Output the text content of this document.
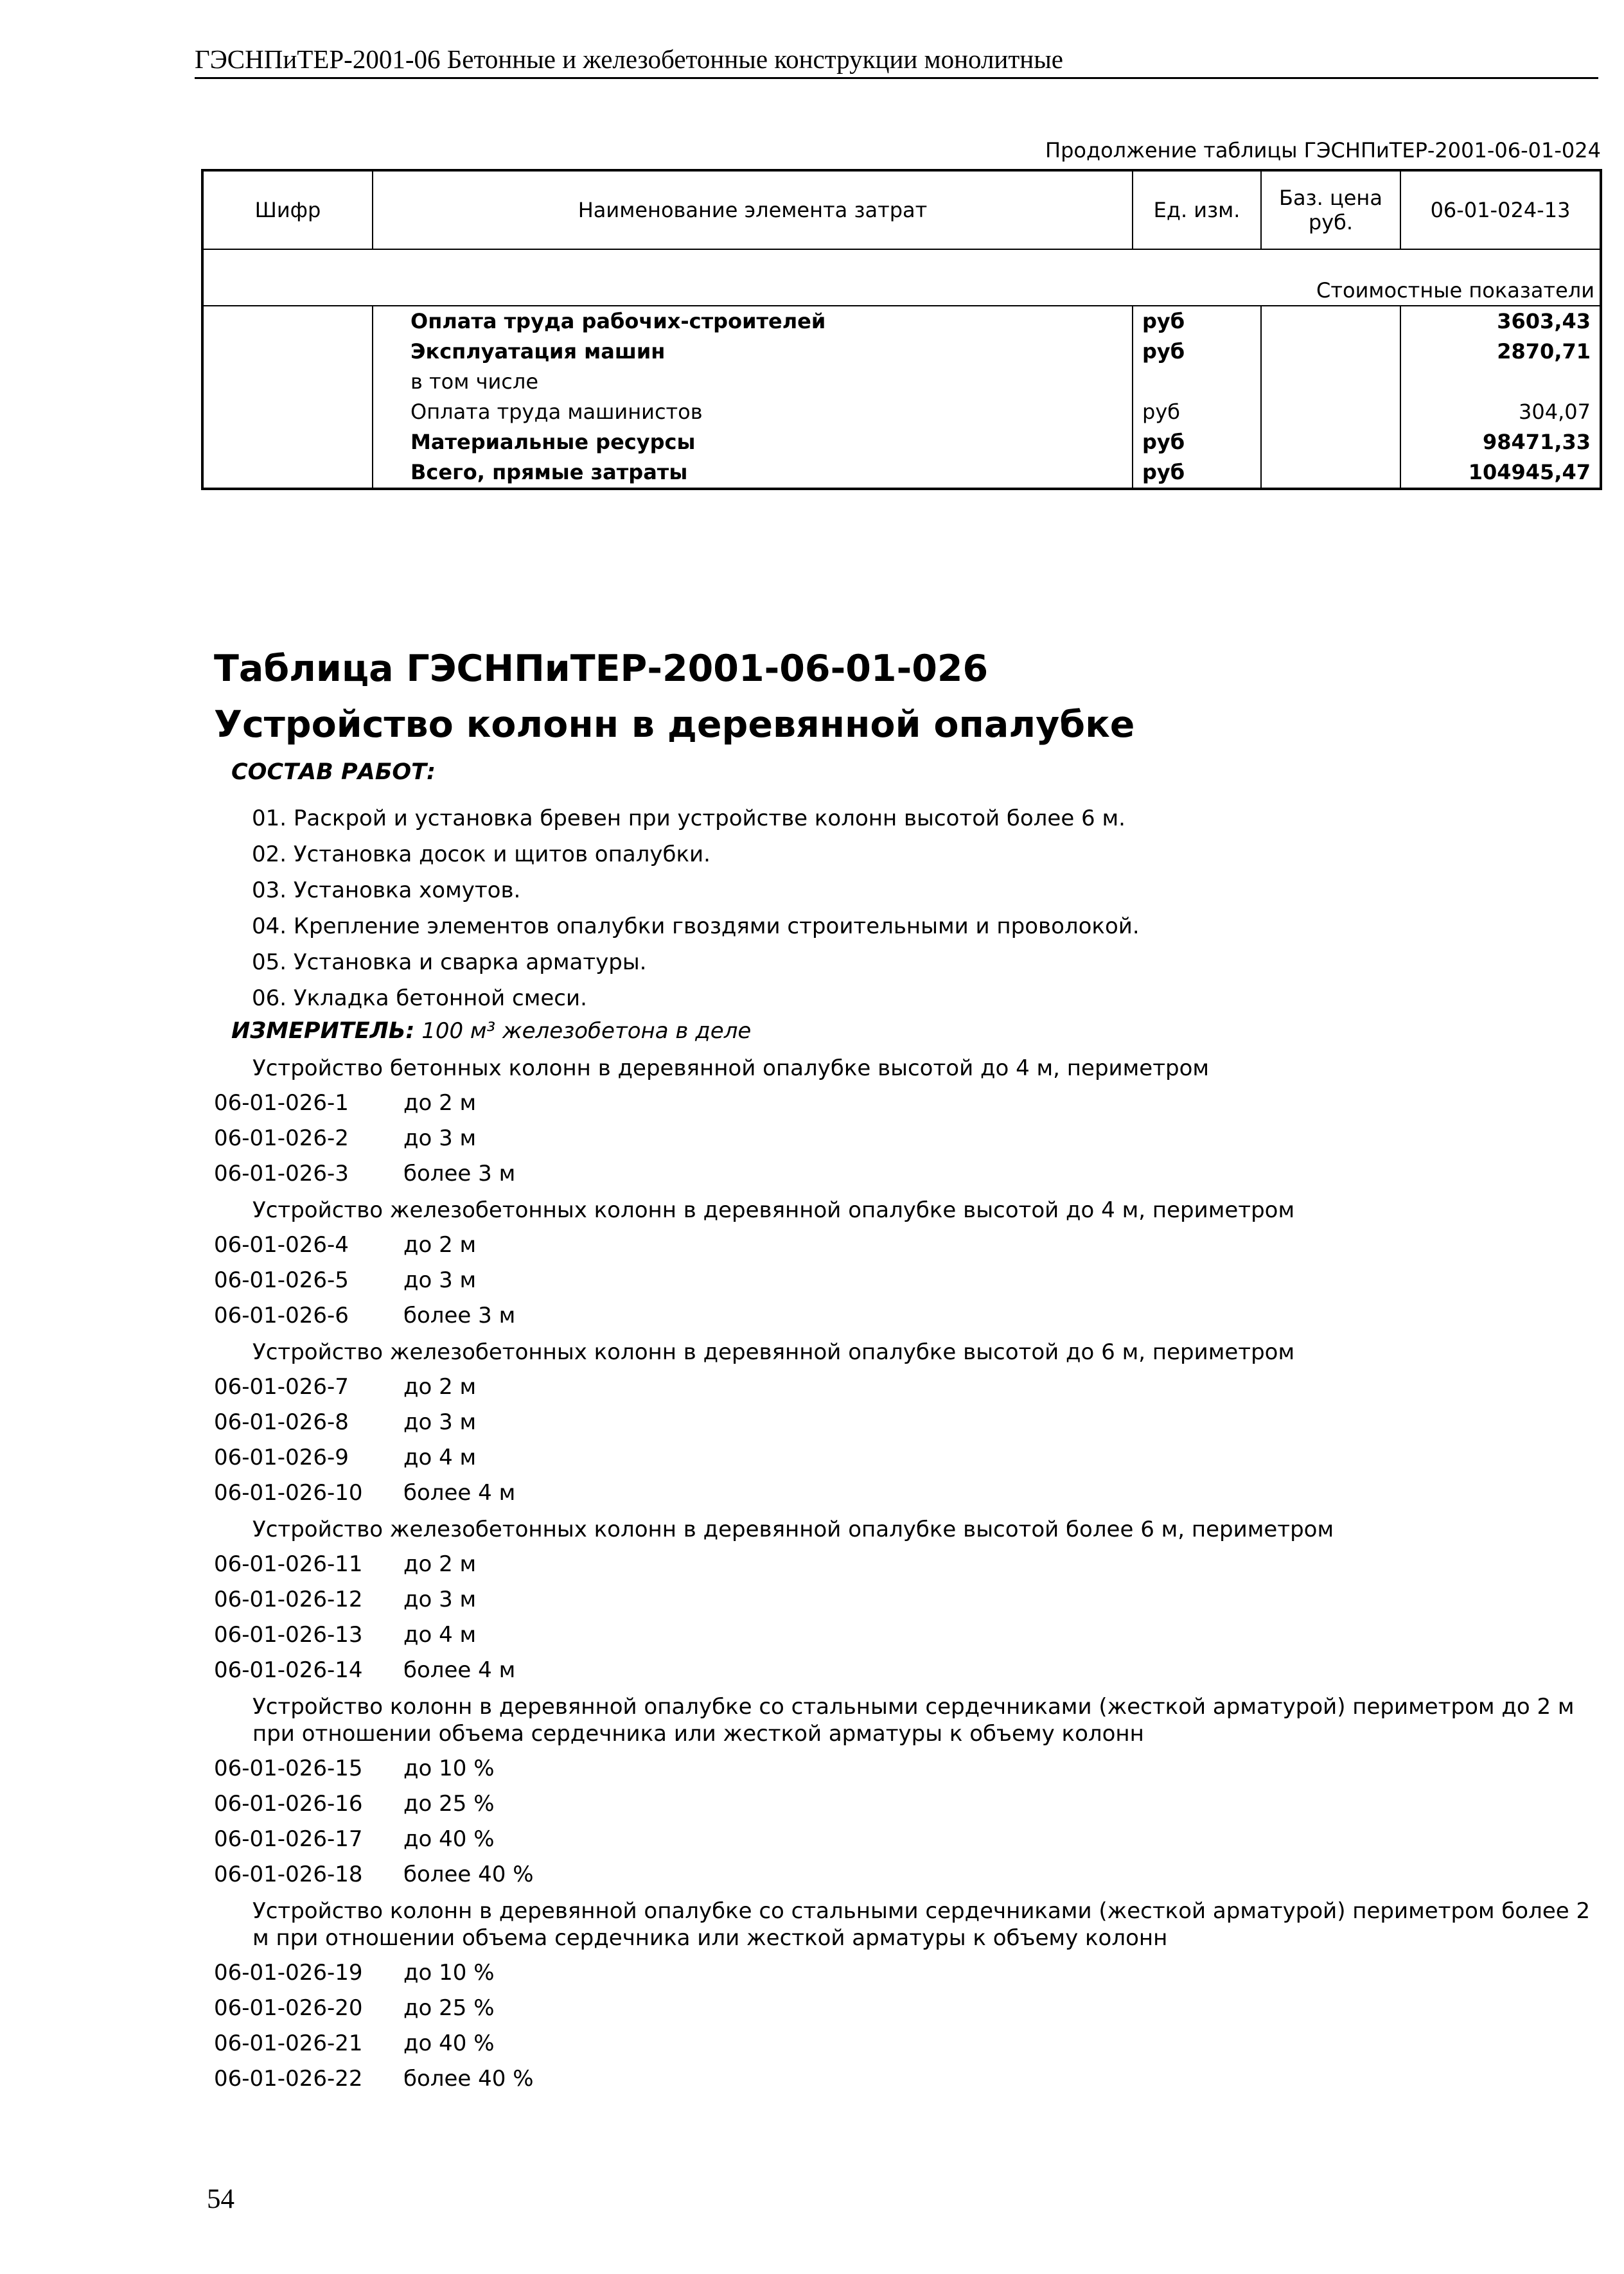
ГЭСНПиТЕР-2001-06 Бетонные и железобетонные конструкции монолитные
Продолжение таблицы ГЭСНПиТЕР-2001-06-01-024
Шифр	Наименование элемента затрат	Ед. изм.	Баз. цена руб.	06-01-024-13
Стоимостные показатели				
	Оплата труда рабочих-строителей	руб		3603,43
	Эксплуатация машин	руб		2870,71
	в том числе			
	Оплата труда машинистов	руб		304,07
	Материальные ресурсы	руб		98471,33
	Всего, прямые затраты	руб		104945,47
Таблица ГЭСНПиТЕР-2001-06-01-026
Устройство колонн в деревянной опалубке
СОСТАВ РАБОТ:
01. Раскрой и установка бревен при устройстве колонн высотой более 6 м.
02. Установка досок и щитов опалубки.
03. Установка хомутов.
04. Крепление элементов опалубки гвоздями строительными и проволокой.
05. Установка и сварка арматуры.
06. Укладка бетонной смеси.
ИЗМЕРИТЕЛЬ: 100 м³ железобетона в деле
Устройство бетонных колонн в деревянной опалубке высотой до 4 м, периметром
06-01-026-1	до 2 м
06-01-026-2	до 3 м
06-01-026-3	более 3 м
Устройство железобетонных колонн в деревянной опалубке высотой до 4 м, периметром
06-01-026-4	до 2 м
06-01-026-5	до 3 м
06-01-026-6	более 3 м
Устройство железобетонных колонн в деревянной опалубке высотой до 6 м, периметром
06-01-026-7	до 2 м
06-01-026-8	до 3 м
06-01-026-9	до 4 м
06-01-026-10	более 4 м
Устройство железобетонных колонн в деревянной опалубке высотой более 6 м, периметром
06-01-026-11	до 2 м
06-01-026-12	до 3 м
06-01-026-13	до 4 м
06-01-026-14	более 4 м
Устройство колонн в деревянной опалубке со стальными сердечниками (жесткой арматурой) периметром до 2 м при отношении объема сердечника или жесткой арматуры к объему колонн
06-01-026-15	до 10 %
06-01-026-16	до 25 %
06-01-026-17	до 40 %
06-01-026-18	более 40 %
Устройство колонн в деревянной опалубке со стальными сердечниками (жесткой арматурой) периметром более 2 м при отношении объема сердечника или жесткой арматуры к объему колонн
06-01-026-19	до 10 %
06-01-026-20	до 25 %
06-01-026-21	до 40 %
06-01-026-22	более 40 %
54
